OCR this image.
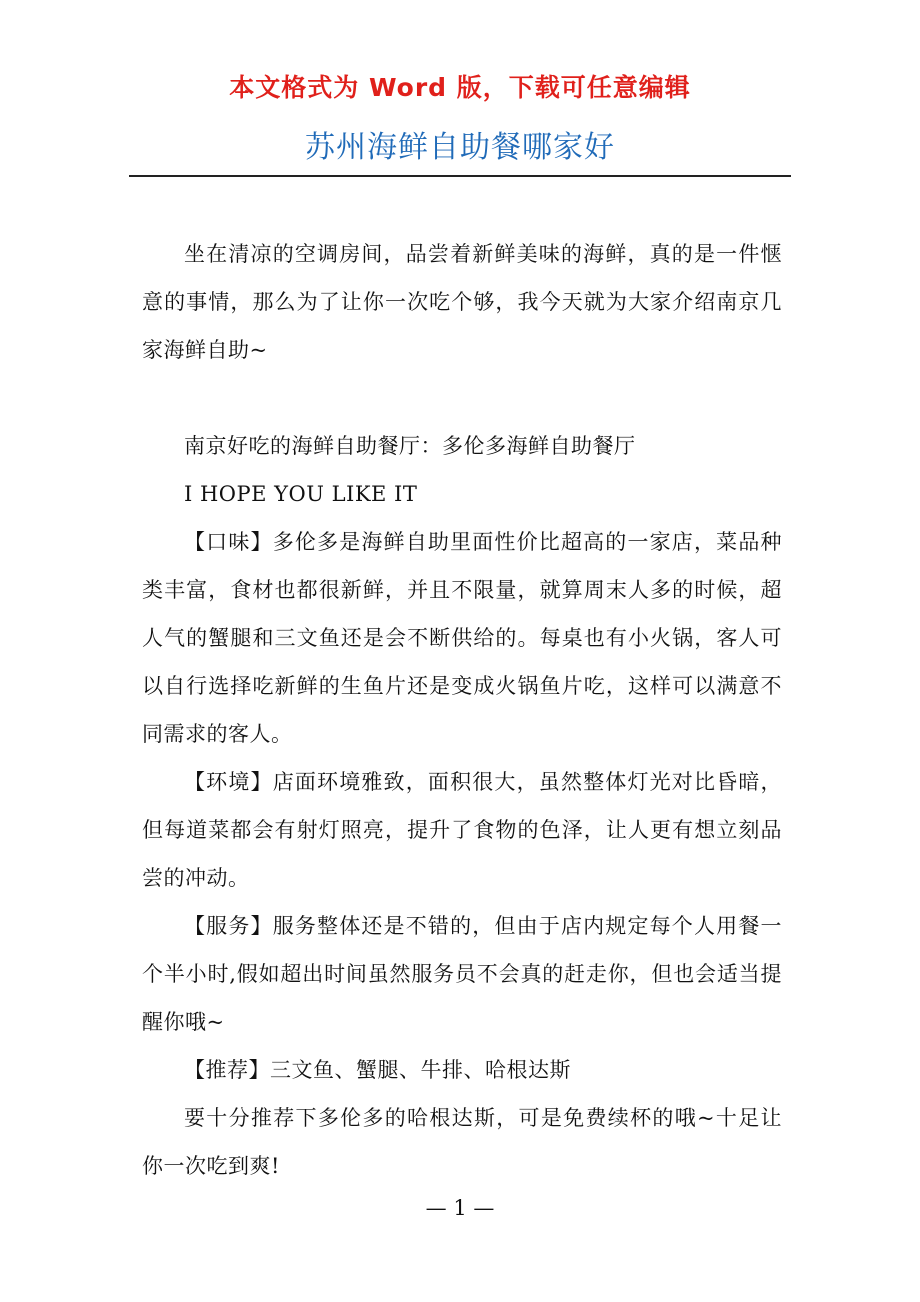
本文格式为 Word 版，下载可任意编辑
苏州海鲜自助餐哪家好

坐在清凉的空调房间，品尝着新鲜美味的海鲜，真的是一件惬意的事情，那么为了让你一次吃个够，我今天就为大家介绍南京几家海鲜自助~

南京好吃的海鲜自助餐厅：多伦多海鲜自助餐厅

I HOPE YOU LIKE IT

【口味】多伦多是海鲜自助里面性价比超高的一家店，菜品种类丰富，食材也都很新鲜，并且不限量，就算周末人多的时候，超人气的蟹腿和三文鱼还是会不断供给的。每桌也有小火锅，客人可以自行选择吃新鲜的生鱼片还是变成火锅鱼片吃，这样可以满意不同需求的客人。

【环境】店面环境雅致，面积很大，虽然整体灯光对比昏暗，但每道菜都会有射灯照亮，提升了食物的色泽，让人更有想立刻品尝的冲动。

【服务】服务整体还是不错的，但由于店内规定每个人用餐一个半小时,假如超出时间虽然服务员不会真的赶走你，但也会适当提醒你哦~

【推荐】三文鱼、蟹腿、牛排、哈根达斯

要十分推荐下多伦多的哈根达斯，可是免费续杯的哦~十足让你一次吃到爽!

— 1 —
